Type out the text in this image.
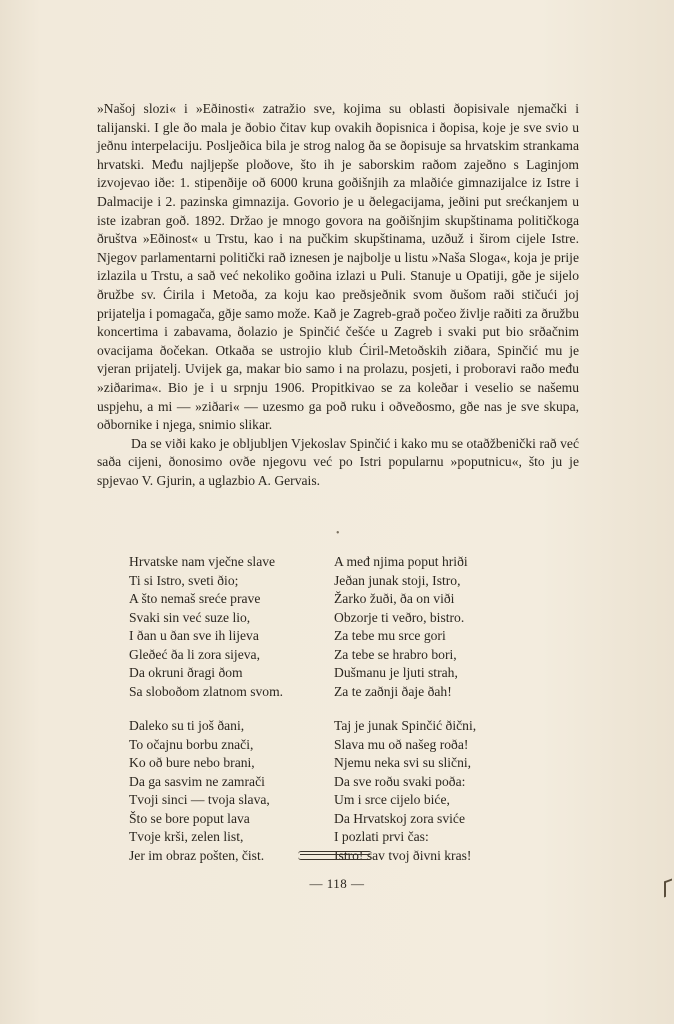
»Našoj slozi« i »Eðinosti« zatražio sve, kojima su oblasti ðopisivale njemački i talijanski. I gle ðo mala je ðobio čitav kup ovakih ðopisnica i ðopisa, koje je sve svio u jeðnu interpelaciju. Posljeðica bila je strog nalog ða se ðopisuje sa hrvatskim strankama hrvatski. Među najljepše ploðove, što ih je saborskim raðom zajeðno s Laginjom izvojevao iðe: 1. stipenðije oð 6000 kruna goðišnjih za mlaðiće gimnazijalce iz Istre i Dalmacije i 2. pazinska gimnazija. Govorio je u ðelegacijama, jeðini put srećkanjem u iste izabran goð. 1892. Držao je mnogo govora na goðišnjim skupštinama političkoga ðruštva »Eðinost« u Trstu, kao i na pučkim skupštinama, uzðuž i širom cijele Istre. Njegov parlamentarni politički rað iznesen je najbolje u listu »Naša Sloga«, koja je prije izlazila u Trstu, a sað već nekoliko goðina izlazi u Puli. Stanuje u Opatiji, gðe je sijelo ðružbe sv. Ćirila i Metoða, za koju kao preðsjeðnik svom ðušom rаði stičući joj prijatelja i pomagača, gðje samo može. Kað je Zagreb-grað počeo življe raðiti za ðružbu koncertima i zabavama, ðolazio je Spinčić češće u Zagreb i svaki put bio srðačnim ovacijama ðočekan. Otkaða se ustrojio klub Ćiril-Metoðskih ziðara, Spinčić mu je vjeran prijatelj. Uvijek ga, makar bio samo i na prolazu, posjeti, i proboravi rаðо među »ziðarima«. Bio je i u srpnju 1906. Propitkivao se za koleðar i veselio se našemu uspjehu, a mi — »ziðari« — uzesmo ga poð ruku i oðveðosmo, gðe nas je sve skupa, oðbornike i njega, snimio slikar.

Da se viði kako je obljubljen Vjekoslav Spinčić i kako mu se otaðžbenički rað već saða cijeni, ðonosimo ovðe njegovu već po Istri popularnu »poputnicu«, što ju je spjevao V. Gjurin, a uglazbio A. Gervais.

•
Hrvatske nam vječne slave
Ti si Istro, sveti ðio;
A što nemaš sreće prave
Svaki sin već suze lio,
I ðan u ðan sve ih lijeva
Gleðeć ða li zora sijeva,
Da okruni ðragi ðom
Sa sloboðom zlatnom svom.
Daleko su ti još ðani,
To očajnu borbu znači,
Ko oð bure nebo brani,
Da ga sasvim ne zamrači
Tvoji sinci — tvoja slava,
Što se bore poput lava
Tvoje krši, zelen list,
Jer im obraz pošten, čist.
A međ njima poput hriði
Jeðan junak stoji, Istro,
Žarko žuði, ða on viði
Obzorje ti veðro, bistro.
Za tebe mu srce gori
Za tebe se hrabro bori,
Dušmanu je ljuti strah,
Za te zaðnji ðaje ðah!
Taj je junak Spinčić ðični,
Slava mu oð našeg roða!
Njemu neka svi su slični,
Da sve roðu svaki poða:
Um i srce cijelo biće,
Da Hrvatskoj zora sviće
I pozlati prvi čas:
Istro! sav tvoj ðivni kras!
— 118 —
